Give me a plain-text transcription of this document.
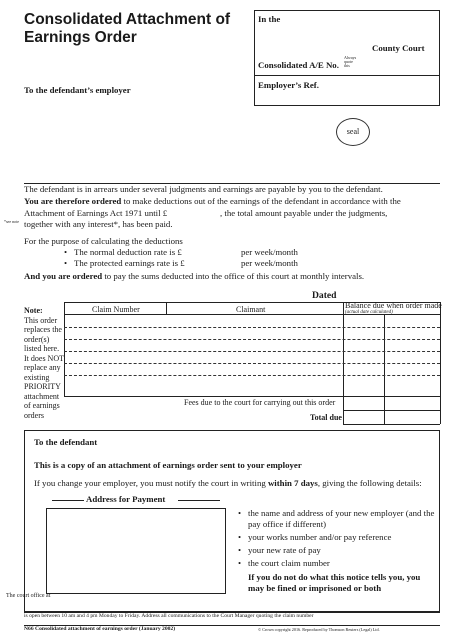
Consolidated Attachment of Earnings Order
To the defendant’s employer
In the
County Court
Consolidated A/E No.
Always quote this
Employer’s Ref.
seal
The defendant is in arrears under several judgments and earnings are payable by you to the defendant.
You are therefore ordered to make deductions out of the earnings of the defendant in accordance with the
Attachment of Earnings Act 1971 until £	, the total amount payable under the judgments,
*see note together with any interest*, has been paid.
For the purpose of calculating the deductions
The normal deduction rate is £	per week/month
The protected earnings rate is £	per week/month
And you are ordered to pay the sums deducted into the office of this court at monthly intervals.
Dated
Note:
This order replaces the order(s) listed here. It does NOT replace any existing PRIORITY attachment of earnings orders
Claim Number	Claimant	Balance due when order made
(actual date calculated)
Fees due to the court for carrying out this order
Total due
To the defendant
This is a copy of an attachment of earnings order sent to your employer
If you change your employer, you must notify the court in writing within 7 days, giving the following details:
Address for Payment
the name and address of your new employer (and the pay office if different)
your works number and/or pay reference
your new rate of pay
the court claim number
If you do not do what this notice tells you, you may be fined or imprisoned or both
The court office at
is open between 10 am and 4 pm Monday to Friday. Address all communications to the Court Manager quoting the claim number
N66 Consolidated attachment of earnings order (January 2002)	© Crown copyright 2016. Reproduced by Thomson Reuters (Legal) Ltd.
